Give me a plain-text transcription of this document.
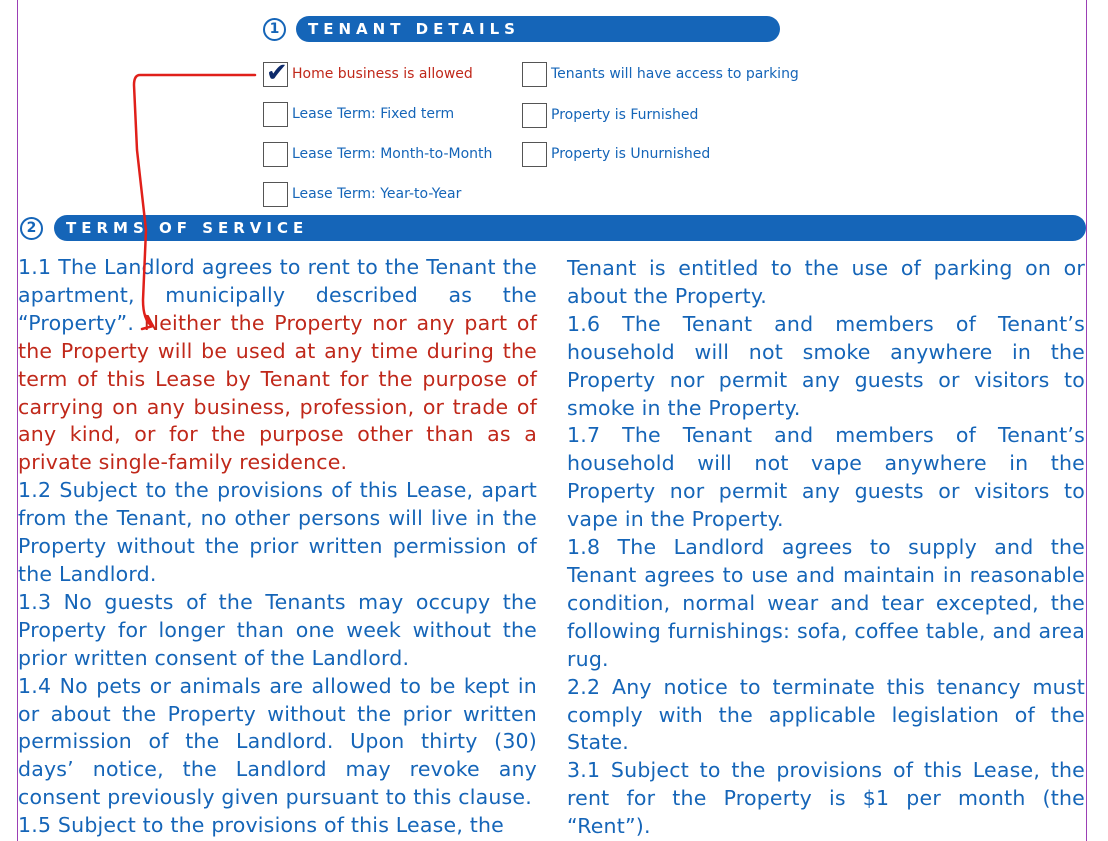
1	TENANT DETAILS
✔ Home business is allowed
Lease Term: Fixed term
Lease Term: Month-to-Month
Lease Term: Year-to-Year
Tenants will have access to parking
Property is Furnished
Property is Unurnished
2	TERMS OF SERVICE

1.1 The Landlord agrees to rent to the Tenant the apartment, municipally described as the “Property”. Neither the Property nor any part of the Property will be used at any time during the term of this Lease by Tenant for the purpose of carrying on any business, profession, or trade of any kind, or for the purpose other than as a private single-family residence.

1.2 Subject to the provisions of this Lease, apart from the Tenant, no other persons will live in the Property without the prior written permission of the Landlord.

1.3 No guests of the Tenants may occupy the Property for longer than one week without the prior written consent of the Landlord.

1.4 No pets or animals are allowed to be kept in or about the Property without the prior written permission of the Landlord. Upon thirty (30) days’ notice, the Landlord may revoke any consent previously given pursuant to this clause.

1.5 Subject to the provisions of this Lease, the

Tenant is entitled to the use of parking on or about the Property.

1.6 The Tenant and members of Tenant’s household will not smoke anywhere in the Property nor permit any guests or visitors to smoke in the Property.

1.7 The Tenant and members of Tenant’s household will not vape anywhere in the Property nor permit any guests or visitors to vape in the Property.

1.8 The Landlord agrees to supply and the Tenant agrees to use and maintain in reasonable condition, normal wear and tear excepted, the following furnishings: sofa, coffee table, and area rug.

2.2 Any notice to terminate this tenancy must comply with the applicable legislation of the State.

3.1 Subject to the provisions of this Lease, the rent for the Property is $1 per month (the “Rent”).
